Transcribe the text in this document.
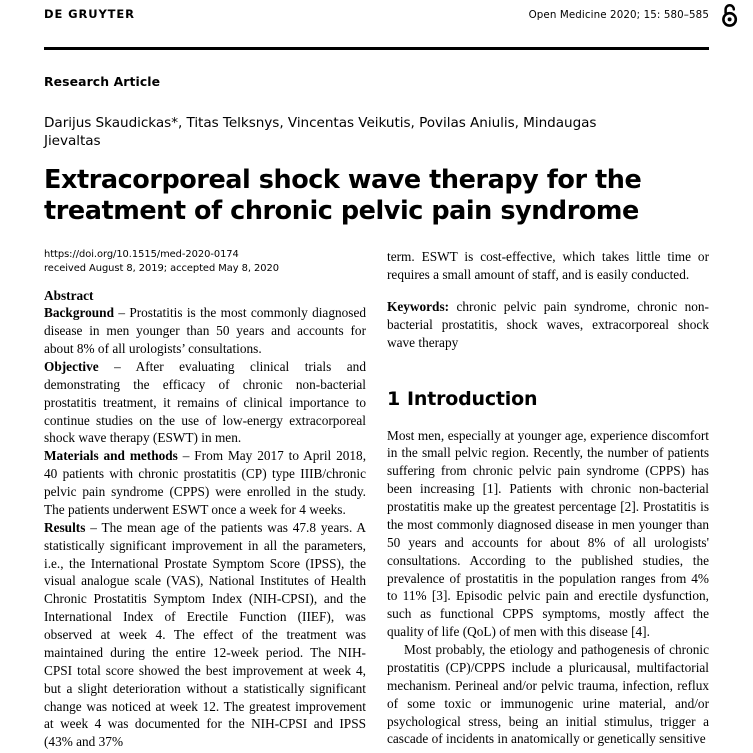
DE GRUYTER	Open Medicine 2020; 15: 580–585
Research Article
Darijus Skaudickas*, Titas Telksnys, Vincentas Veikutis, Povilas Aniulis, Mindaugas Jievaltas
Extracorporeal shock wave therapy for the treatment of chronic pelvic pain syndrome
https://doi.org/10.1515/med-2020-0174
received August 8, 2019; accepted May 8, 2020
Abstract

Background – Prostatitis is the most commonly diagnosed disease in men younger than 50 years and accounts for about 8% of all urologists’ consultations.

Objective – After evaluating clinical trials and demonstrating the efficacy of chronic non-bacterial prostatitis treatment, it remains of clinical importance to continue studies on the use of low-energy extracorporeal shock wave therapy (ESWT) in men.

Materials and methods – From May 2017 to April 2018, 40 patients with chronic prostatitis (CP) type IIIB/chronic pelvic pain syndrome (CPPS) were enrolled in the study. The patients underwent ESWT once a week for 4 weeks.

Results – The mean age of the patients was 47.8 years. A statistically significant improvement in all the parameters, i.e., the International Prostate Symptom Score (IPSS), the visual analogue scale (VAS), National Institutes of Health Chronic Prostatitis Symptom Index (NIH-CPSI), and the International Index of Erectile Function (IIEF), was observed at week 4. The effect of the treatment was maintained during the entire 12-week period. The NIH-CPSI total score showed the best improvement at week 4, but a slight deterioration without a statistically significant change was noticed at week 12. The greatest improvement at week 4 was documented for the NIH-CPSI and IPSS (43% and 37%

term. ESWT is cost-effective, which takes little time or requires a small amount of staff, and is easily conducted.

Keywords: chronic pelvic pain syndrome, chronic non-bacterial prostatitis, shock waves, extracorporeal shock wave therapy

1 Introduction

Most men, especially at younger age, experience discomfort in the small pelvic region. Recently, the number of patients suffering from chronic pelvic pain syndrome (CPPS) has been increasing [1]. Patients with chronic non-bacterial prostatitis make up the greatest percentage [2]. Prostatitis is the most commonly diagnosed disease in men younger than 50 years and accounts for about 8% of all urologists' consultations. According to the published studies, the prevalence of prostatitis in the population ranges from 4% to 11% [3]. Episodic pelvic pain and erectile dysfunction, such as functional CPPS symptoms, mostly affect the quality of life (QoL) of men with this disease [4].

Most probably, the etiology and pathogenesis of chronic prostatitis (CP)/CPPS include a pluricausal, multifactorial mechanism. Perineal and/or pelvic trauma, infection, reflux of some toxic or immunogenic urine material, and/or psychological stress, being an initial stimulus, trigger a cascade of incidents in anatomically or genetically sensitive
